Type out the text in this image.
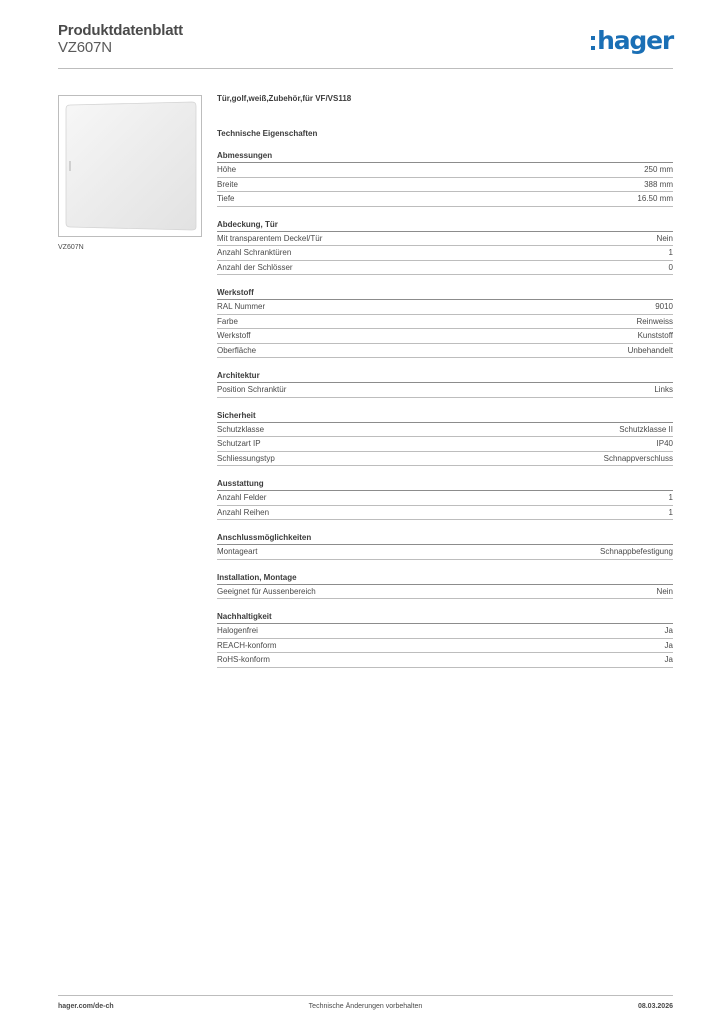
Produktdatenblatt
VZ607N	hager
VZ607N
Tür,golf,weiß,Zubehör,für VF/VS118
Technische Eigenschaften
Abmessungen
Höhe	250 mm
Breite	388 mm
Tiefe	16.50 mm
Abdeckung, Tür
Mit transparentem Deckel/Tür	Nein
Anzahl Schranktüren	1
Anzahl der Schlösser	0
Werkstoff
RAL Nummer	9010
Farbe	Reinweiss
Werkstoff	Kunststoff
Oberfläche	Unbehandelt
Architektur
Position Schranktür	Links
Sicherheit
Schutzklasse	Schutzklasse II
Schutzart IP	IP40
Schliessungstyp	Schnappverschluss
Ausstattung
Anzahl Felder	1
Anzahl Reihen	1
Anschlussmöglichkeiten
Montageart	Schnappbefestigung
Installation, Montage
Geeignet für Aussenbereich	Nein
Nachhaltigkeit
Halogenfrei	Ja
REACH-konform	Ja
RoHS-konform	Ja
hager.com/de-ch	Technische Änderungen vorbehalten	08.03.2026
